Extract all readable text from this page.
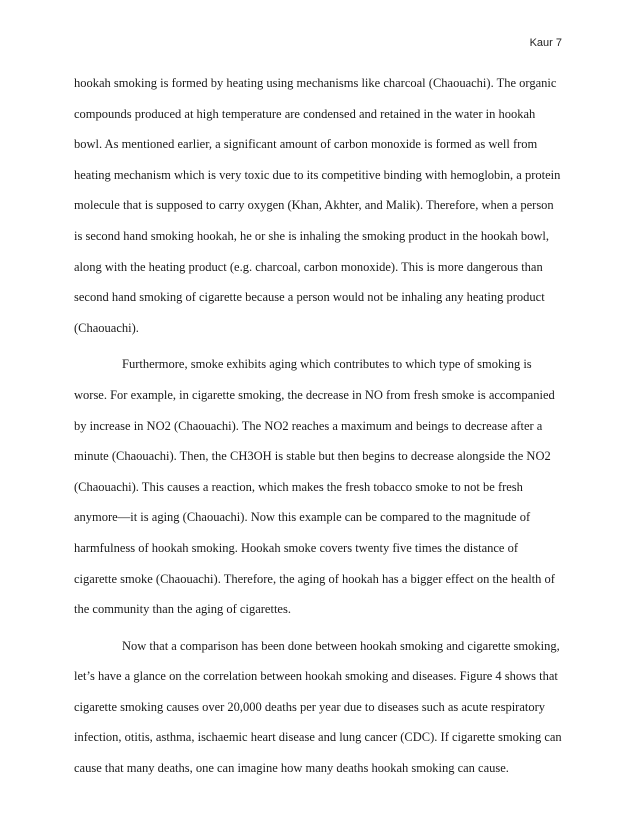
Kaur 7

hookah smoking is formed by heating using mechanisms like charcoal (Chaouachi). The organic compounds produced at high temperature are condensed and retained in the water in hookah bowl. As mentioned earlier, a significant amount of carbon monoxide is formed as well from heating mechanism which is very toxic due to its competitive binding with hemoglobin, a protein molecule that is supposed to carry oxygen (Khan, Akhter, and Malik). Therefore, when a person is second hand smoking hookah, he or she is inhaling the smoking product in the hookah bowl, along with the heating product (e.g. charcoal, carbon monoxide). This is more dangerous than second hand smoking of cigarette because a person would not be inhaling any heating product (Chaouachi).

Furthermore, smoke exhibits aging which contributes to which type of smoking is worse. For example, in cigarette smoking, the decrease in NO from fresh smoke is accompanied by increase in NO2 (Chaouachi). The NO2 reaches a maximum and beings to decrease after a minute (Chaouachi). Then, the CH3OH is stable but then begins to decrease alongside the NO2 (Chaouachi). This causes a reaction, which makes the fresh tobacco smoke to not be fresh anymore—it is aging (Chaouachi). Now this example can be compared to the magnitude of harmfulness of hookah smoking. Hookah smoke covers twenty five times the distance of cigarette smoke (Chaouachi). Therefore, the aging of hookah has a bigger effect on the health of the community than the aging of cigarettes.

Now that a comparison has been done between hookah smoking and cigarette smoking, let’s have a glance on the correlation between hookah smoking and diseases. Figure 4 shows that cigarette smoking causes over 20,000 deaths per year due to diseases such as acute respiratory infection, otitis, asthma, ischaemic heart disease and lung cancer (CDC). If cigarette smoking can cause that many deaths, one can imagine how many deaths hookah smoking can cause.
